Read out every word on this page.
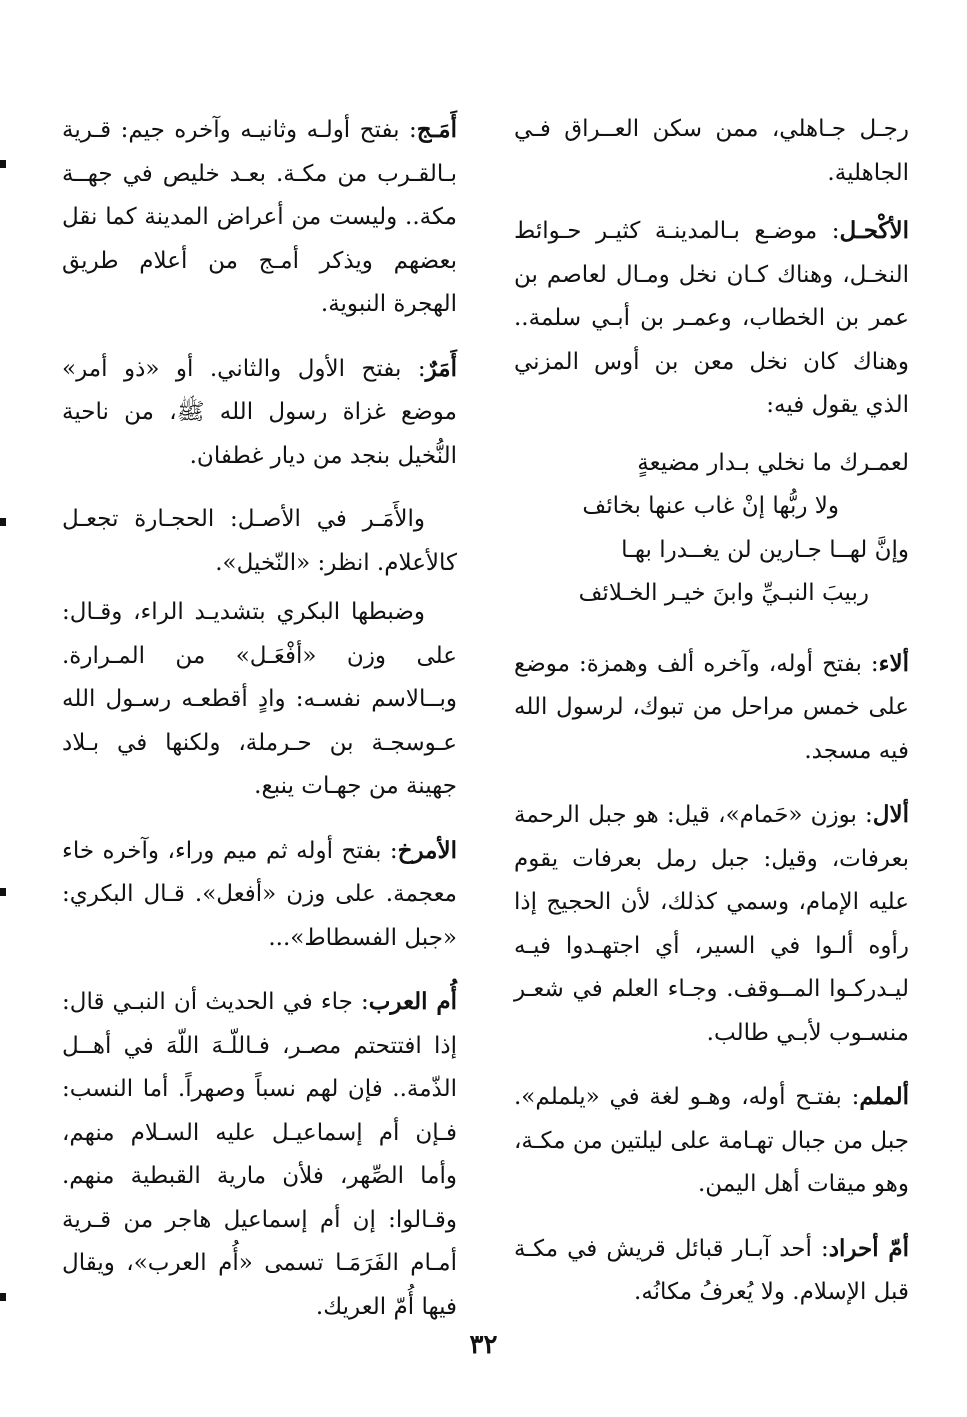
رجـل جـاهلي، ممن سكن العــراق فـي الجاهلية.

الأكْحـل: موضـع بـالمدينـة كثيـر حـوائط النخـل، وهناك كـان نخل ومـال لعاصم بن عمر بن الخطاب، وعمـر بن أبـي سلمة.. وهناك كان نخل معن بن أوس المزني الذي يقول فيه:

لعمـرك ما نخلي بـدار مضيعةٍ
ولا ربُّها إنْ غاب عنها بخائف
وإنَّ لهــا جـارين لن يغــدرا بهـا
ربيبَ النبـيِّ وابنَ خيـر الخـلائف

ألاء: بفتح أوله، وآخره ألف وهمزة: موضع على خمس مراحل من تبوك، لرسول الله فيه مسجد.

ألال: بوزن «حَمام»، قيل: هو جبل الرحمة بعرفات، وقيل: جبل رمل بعرفات يقوم عليه الإمام، وسمي كذلك، لأن الحجيج إذا رأوه ألـوا في السير، أي اجتهـدوا فيـه ليـدركـوا المــوقف. وجـاء العلم في شعـر منسـوب لأبـي طالب.

ألملم: بفتـح أوله، وهـو لغة في «يلملم». جبل من جبال تهـامة على ليلتين من مكـة، وهو ميقات أهل اليمن.

أمّ أحراد: أحد آبـار قبائل قريش في مكـة قبل الإسلام. ولا يُعرفُ مكانُه.

أَمَـج: بفتح أولـه وثانيـه وآخره جيم: قـرية بـالقـرب من مكـة. بعـد خليص في جهــة مكة.. وليست من أعراض المدينة كما نقل بعضهم ويذكر أمـج من أعلام طريق الهجرة النبوية.

أَمَرٌ: بفتح الأول والثاني. أو «ذو أمر» موضع غزاة رسول الله ﷺ، من ناحية النُّخيل بنجد من ديار غطفان.

والأَمَـر في الأصـل: الحجـارة تجعـل كالأعلام. انظر: «النّخيل».

وضبطها البكري بتشديـد الراء، وقـال: على وزن «أفْعَـل» من المـرارة. وبــالاسم نفسـه: وادٍ أقطعـه رسـول الله عـوسجـة بن حـرملة، ولكنها في بـلاد جهينة من جهـات ينبع.

الأمرخ: بفتح أوله ثم ميم وراء، وآخره خاء معجمة. على وزن «أفعل». قـال البكري: «جبل الفسطاط»...

أُم العرب: جاء في الحديث أن النبـي قال: إذا افتتحتم مصـر، فـاللّـهَ اللّهَ في أهــل الذّمة.. فإن لهم نسباً وصهراً. أما النسب: فـإن أم إسماعيـل عليه السـلام منهم، وأما الصِّهر، فلأن مارية القبطية منهم. وقـالوا: إن أم إسماعيل هاجر من قـرية أمـام الفَرَمَـا تسمى «أُم العرب»، ويقال فيها أُمّ العريك.

٣٢
